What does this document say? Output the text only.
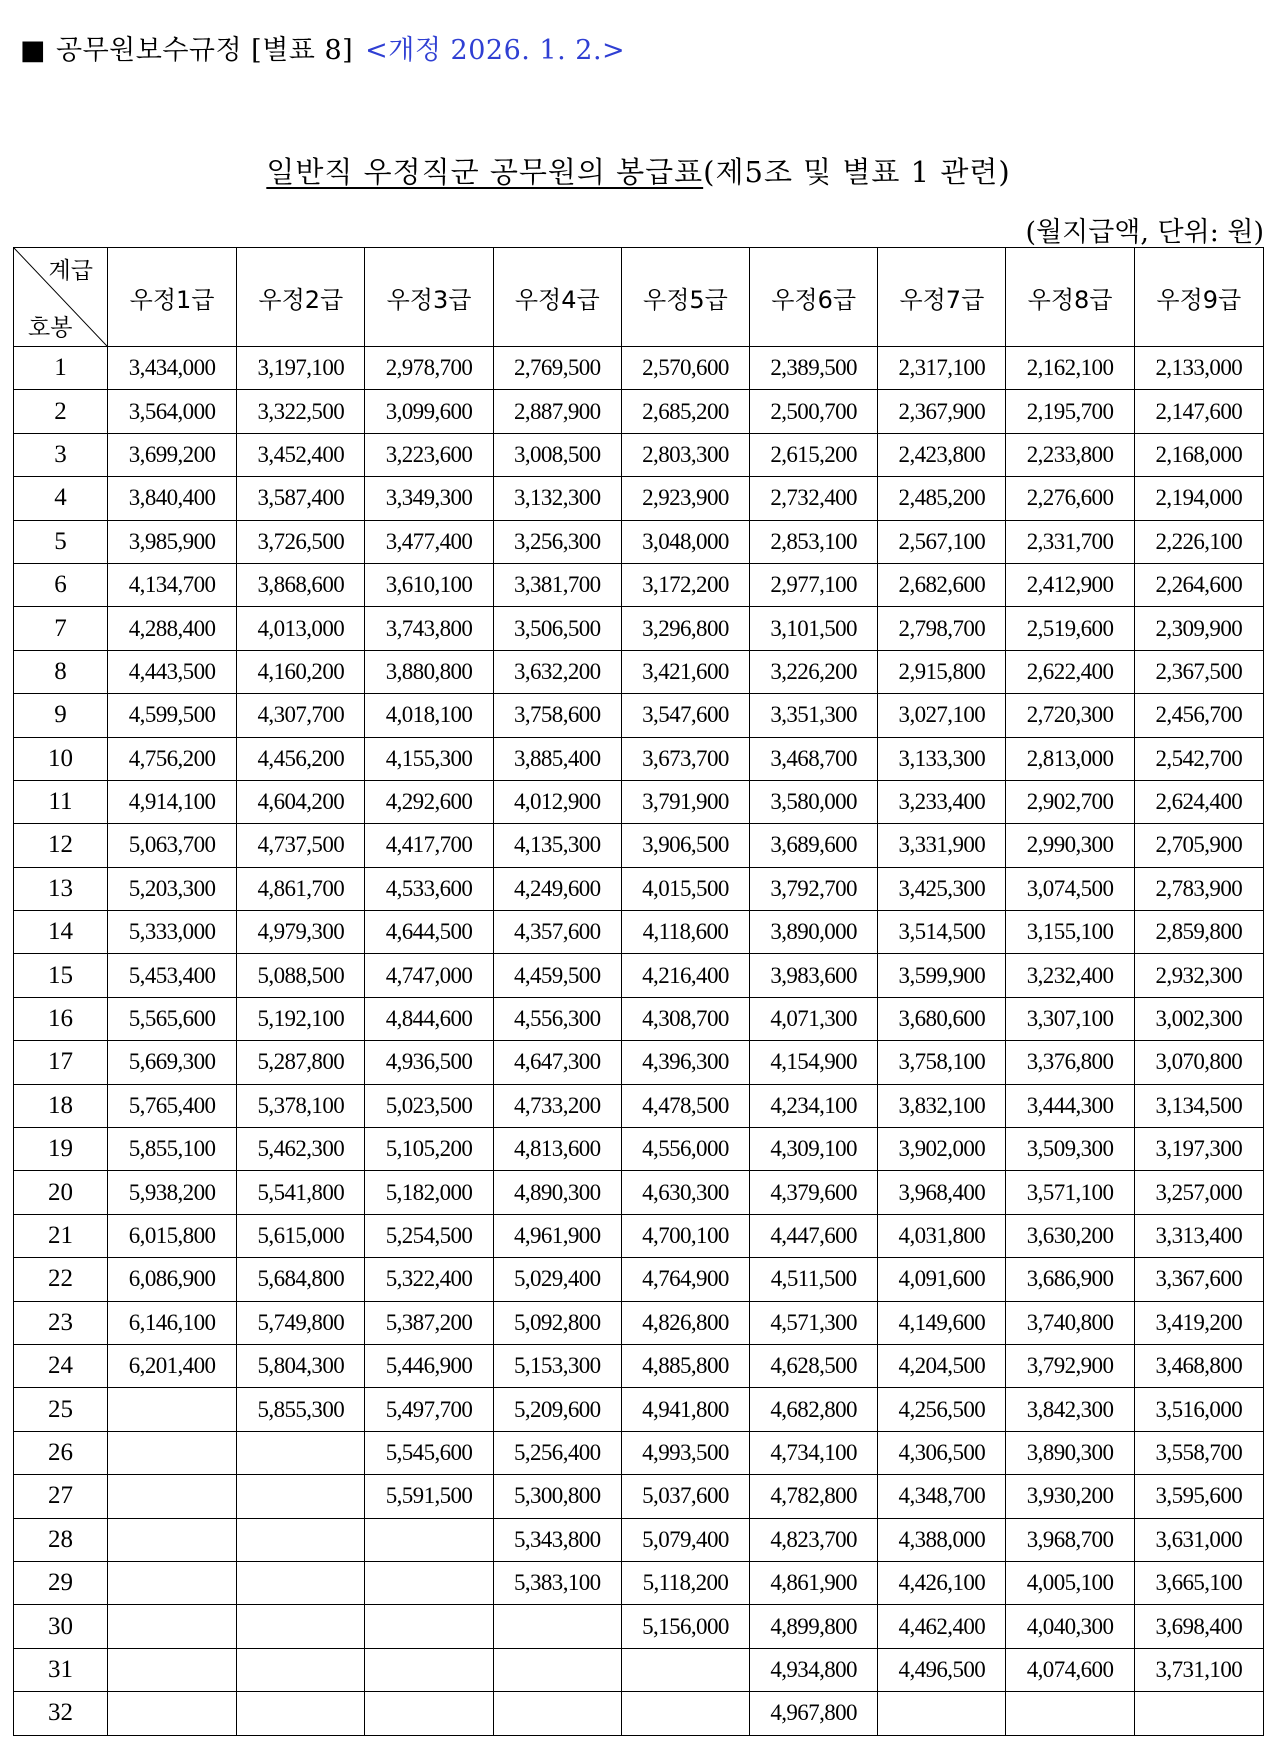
■ 공무원보수규정 [별표 8] <개정 2026. 1. 2.>
일반직 우정직군 공무원의 봉급표(제5조 및 별표 1 관련)
(월지급액, 단위: 원)
계급
호봉	우정1급	우정2급	우정3급	우정4급	우정5급	우정6급	우정7급	우정8급	우정9급
1	3,434,000	3,197,100	2,978,700	2,769,500	2,570,600	2,389,500	2,317,100	2,162,100	2,133,000
2	3,564,000	3,322,500	3,099,600	2,887,900	2,685,200	2,500,700	2,367,900	2,195,700	2,147,600
3	3,699,200	3,452,400	3,223,600	3,008,500	2,803,300	2,615,200	2,423,800	2,233,800	2,168,000
4	3,840,400	3,587,400	3,349,300	3,132,300	2,923,900	2,732,400	2,485,200	2,276,600	2,194,000
5	3,985,900	3,726,500	3,477,400	3,256,300	3,048,000	2,853,100	2,567,100	2,331,700	2,226,100
6	4,134,700	3,868,600	3,610,100	3,381,700	3,172,200	2,977,100	2,682,600	2,412,900	2,264,600
7	4,288,400	4,013,000	3,743,800	3,506,500	3,296,800	3,101,500	2,798,700	2,519,600	2,309,900
8	4,443,500	4,160,200	3,880,800	3,632,200	3,421,600	3,226,200	2,915,800	2,622,400	2,367,500
9	4,599,500	4,307,700	4,018,100	3,758,600	3,547,600	3,351,300	3,027,100	2,720,300	2,456,700
10	4,756,200	4,456,200	4,155,300	3,885,400	3,673,700	3,468,700	3,133,300	2,813,000	2,542,700
11	4,914,100	4,604,200	4,292,600	4,012,900	3,791,900	3,580,000	3,233,400	2,902,700	2,624,400
12	5,063,700	4,737,500	4,417,700	4,135,300	3,906,500	3,689,600	3,331,900	2,990,300	2,705,900
13	5,203,300	4,861,700	4,533,600	4,249,600	4,015,500	3,792,700	3,425,300	3,074,500	2,783,900
14	5,333,000	4,979,300	4,644,500	4,357,600	4,118,600	3,890,000	3,514,500	3,155,100	2,859,800
15	5,453,400	5,088,500	4,747,000	4,459,500	4,216,400	3,983,600	3,599,900	3,232,400	2,932,300
16	5,565,600	5,192,100	4,844,600	4,556,300	4,308,700	4,071,300	3,680,600	3,307,100	3,002,300
17	5,669,300	5,287,800	4,936,500	4,647,300	4,396,300	4,154,900	3,758,100	3,376,800	3,070,800
18	5,765,400	5,378,100	5,023,500	4,733,200	4,478,500	4,234,100	3,832,100	3,444,300	3,134,500
19	5,855,100	5,462,300	5,105,200	4,813,600	4,556,000	4,309,100	3,902,000	3,509,300	3,197,300
20	5,938,200	5,541,800	5,182,000	4,890,300	4,630,300	4,379,600	3,968,400	3,571,100	3,257,000
21	6,015,800	5,615,000	5,254,500	4,961,900	4,700,100	4,447,600	4,031,800	3,630,200	3,313,400
22	6,086,900	5,684,800	5,322,400	5,029,400	4,764,900	4,511,500	4,091,600	3,686,900	3,367,600
23	6,146,100	5,749,800	5,387,200	5,092,800	4,826,800	4,571,300	4,149,600	3,740,800	3,419,200
24	6,201,400	5,804,300	5,446,900	5,153,300	4,885,800	4,628,500	4,204,500	3,792,900	3,468,800
25		5,855,300	5,497,700	5,209,600	4,941,800	4,682,800	4,256,500	3,842,300	3,516,000
26			5,545,600	5,256,400	4,993,500	4,734,100	4,306,500	3,890,300	3,558,700
27			5,591,500	5,300,800	5,037,600	4,782,800	4,348,700	3,930,200	3,595,600
28				5,343,800	5,079,400	4,823,700	4,388,000	3,968,700	3,631,000
29				5,383,100	5,118,200	4,861,900	4,426,100	4,005,100	3,665,100
30					5,156,000	4,899,800	4,462,400	4,040,300	3,698,400
31						4,934,800	4,496,500	4,074,600	3,731,100
32						4,967,800			
